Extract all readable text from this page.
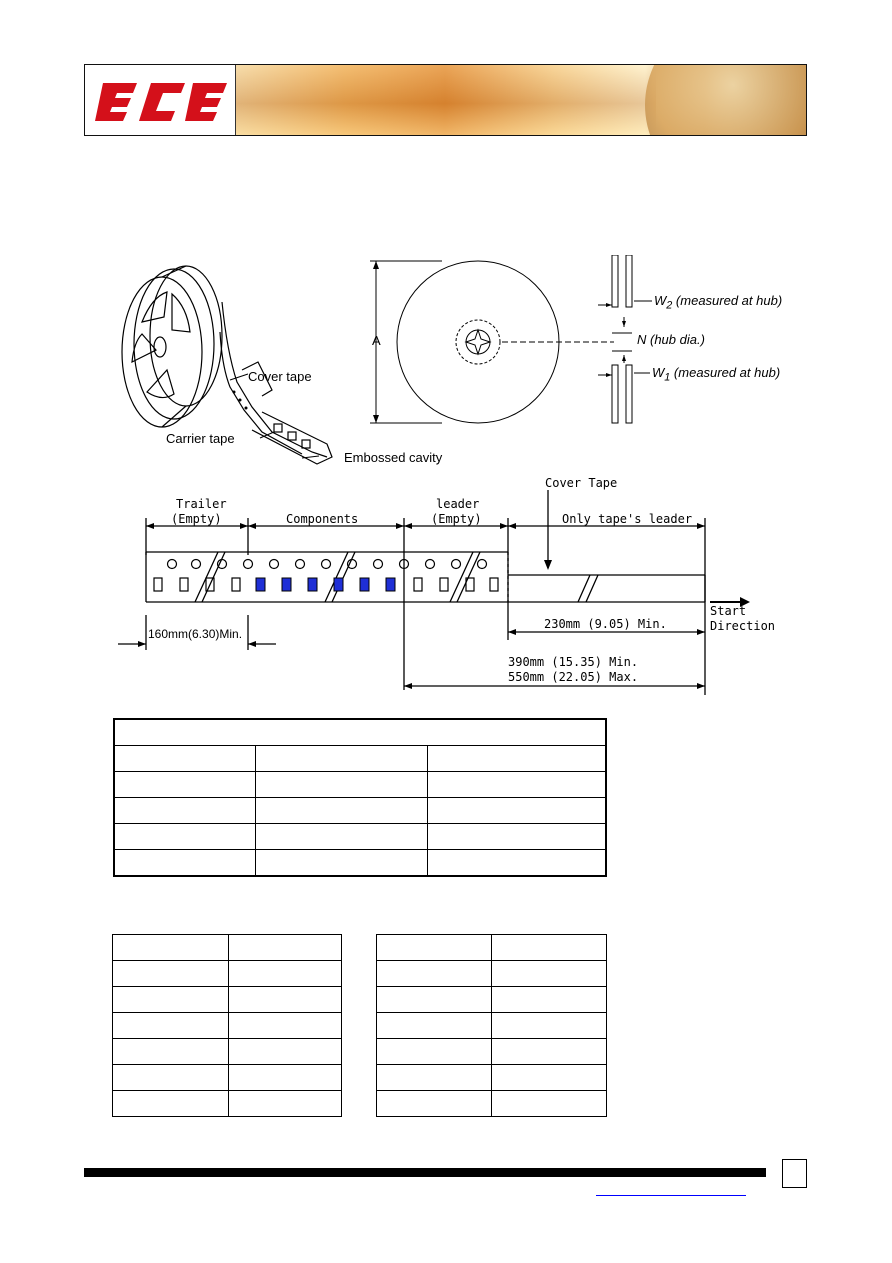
Cover tape
Carrier tape
Embossed cavity
A
$W_2$ (measured at hub)
N (hub dia.)
$W_1$ (measured at hub)
Cover Tape
Trailer
(Empty)	Components
leader
(Empty)	Only tape's leader
160mm(6.30)Min.
Start
Direction
230mm (9.05) Min.
390mm (15.35) Min.
550mm (22.05) Max.
